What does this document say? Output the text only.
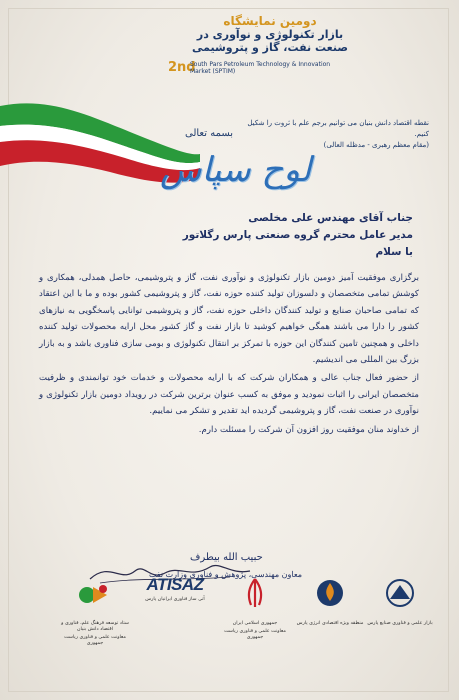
دومین نمایشگاه
بازار تکنولوژی و نوآوری در
صنعت نفت، گاز و پتروشیمی
2nd
South Pars Petroleum Technology & Innovation Market (SPTIM)
نقطه اقتصاد دانش بنیان می توانیم برجم علم با ثروت را شکیل کنیم.
(مقام معظم رهبری - مدظله العالی)
بسمه تعالی
لوح سپاس
جناب آقای مهندس علی مخلصی
مدیر عامل محترم گروه صنعتی پارس رگلاتور
با سلام

برگزاری موفقیت آمیز دومین بازار تکنولوژی و نوآوری نفت، گاز و پتروشیمی، حاصل همدلی، همکاری و کوشش تمامی متخصصان و دلسوزان تولید کننده حوزه نفت، گاز و پتروشیمی کشور بوده و ما با این اعتقاد که تمامی صاحبان صنایع و تولید کنندگان داخلی حوزه نفت، گاز و پتروشیمی توانایی پاسخگویی به نیازهای کشور را دارا می باشند همگی خواهیم کوشید تا بازار نفت و گاز کشور محل ارایه محصولات تولید کننده داخلی و همچنین تامین کنندگان این حوزه با تمرکز بر انتقال تکنولوژی و بومی سازی فناوری باشد و به بازار بزرگ بین المللی می اندیشیم.

از حضور فعال جناب عالی و همکاران شرکت که با ارایه محصولات و خدمات خود توانمندی و ظرفیت متخصصان ایرانی را اثبات نمودید و موفق به کسب عنوان برترین شرکت در رویداد دومین بازار تکنولوژی و نوآوری در صنعت نفت، گاز و پتروشیمی گردیده اید تقدیر و تشکر می نماییم.

از خداوند منان موفقیت روز افزون آن شرکت را مسئلت دارم.

حبیب الله بیطرف
معاون مهندسی، پژوهش و فناوری وزارت نفت
ستاد توسعه فرهنگ علم، فناوری و اقتصاد دانش بنیان
معاونت علمی و فناوری ریاست جمهوری
ATISAZ
آتی ساز فناوری ایرانیان پارس
جمهوری اسلامی ایران
معاونت علمی و فناوری ریاست جمهوری
منطقه ویژه اقتصادی انرژی پارس بازار علمی و فناوری صنایع پارس
